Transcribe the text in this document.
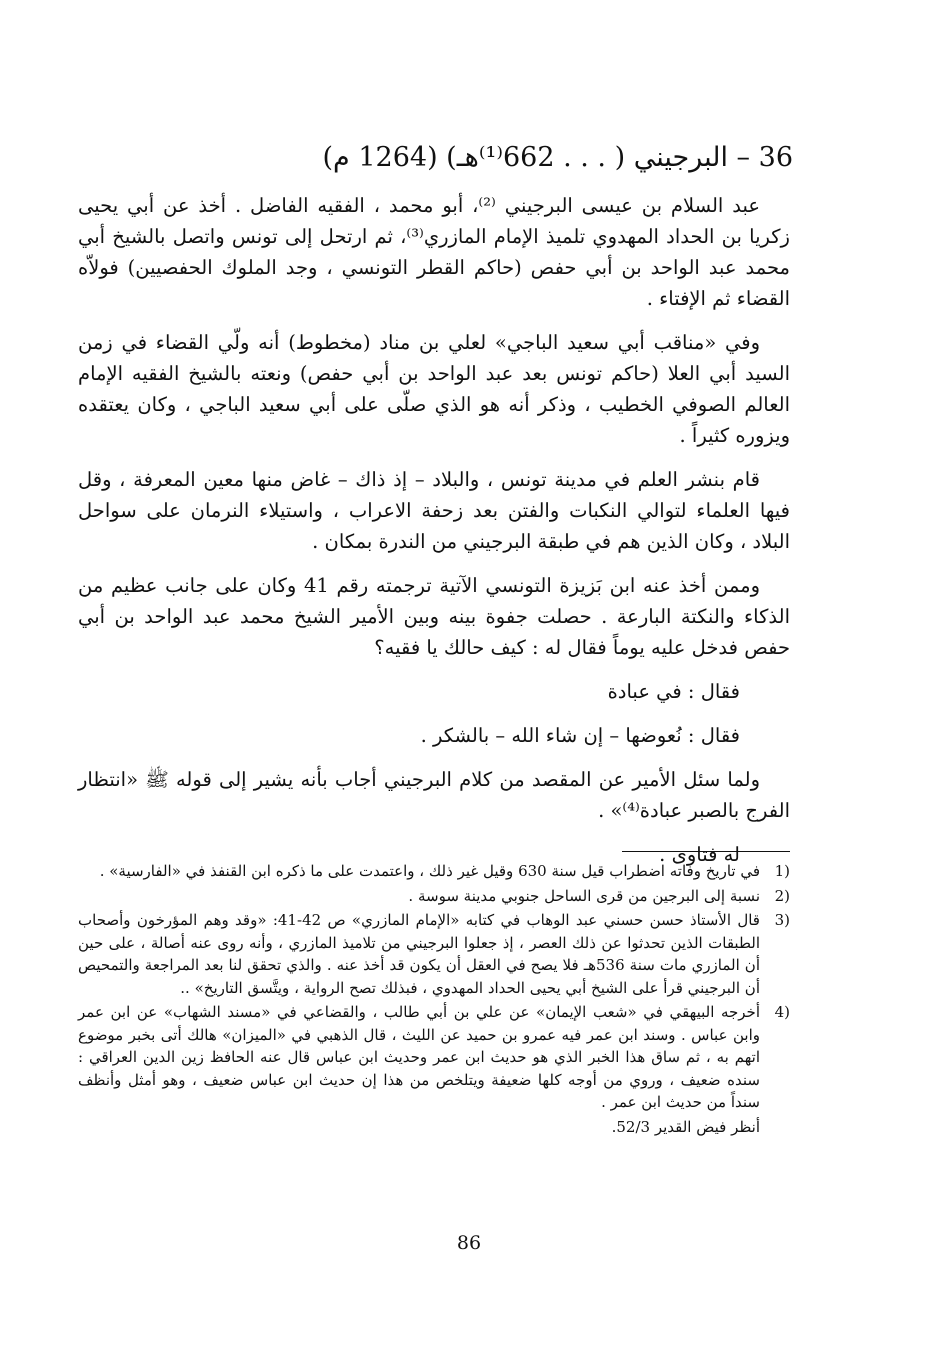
36 – البرجيني ( . . . 662⁽¹⁾هـ) (1264 م)

عبد السلام بن عيسى البرجيني ⁽²⁾، أبو محمد ، الفقيه الفاضل . أخذ عن أبي يحيى زكريا بن الحداد المهدوي تلميذ الإمام المازري⁽³⁾، ثم ارتحل إلى تونس واتصل بالشيخ أبي محمد عبد الواحد بن أبي حفص (حاكم القطر التونسي ، وجد الملوك الحفصيين) فولاّه القضاء ثم الإفتاء .

وفي «مناقب أبي سعيد الباجي» لعلي بن مناد (مخطوط) أنه ولّي القضاء في زمن السيد أبي العلا (حاكم تونس بعد عبد الواحد بن أبي حفص) ونعته بالشيخ الفقيه الإمام العالم الصوفي الخطيب ، وذكر أنه هو الذي صلّى على أبي سعيد الباجي ، وكان يعتقده ويزوره كثيراً .

قام بنشر العلم في مدينة تونس ، والبلاد – إذ ذاك – غاض منها معين المعرفة ، وقل فيها العلماء لتوالي النكبات والفتن بعد زحفة الاعراب ، واستيلاء النرمان على سواحل البلاد ، وكان الذين هم في طبقة البرجيني من الندرة بمكان .

وممن أخذ عنه ابن بَزيزة التونسي الآتية ترجمته رقم 41 وكان على جانب عظيم من الذكاء والنكتة البارعة . حصلت جفوة بينه وبين الأمير الشيخ محمد عبد الواحد بن أبي حفص فدخل عليه يوماً فقال له : كيف حالك يا فقيه؟

فقال : في عبادة

فقال : نُعوضها – إن شاء الله – بالشكر .

ولما سئل الأمير عن المقصد من كلام البرجيني أجاب بأنه يشير إلى قوله ﷺ «انتظار الفرج بالصبر عبادة⁽⁴⁾» .

له فتاوى .

1)
في تاريخ وفاته اضطراب قيل سنة 630 وقيل غير ذلك ، واعتمدت على ما ذكره ابن القنفذ في «الفارسية» .
2)
نسبة إلى البرجين من قرى الساحل جنوبي مدينة سوسة .
3)
قال الأستاذ حسن حسني عبد الوهاب في كتابه «الإمام المازري» ص 42-41: «وقد وهم المؤرخون وأصحاب الطبقات الذين تحدثوا عن ذلك العصر ، إذ جعلوا البرجيني من تلاميذ المازري ، وأنه روى عنه أصالة ، على حين أن المازري مات سنة 536هـ فلا يصح في العقل أن يكون قد أخذ عنه . والذي تحقق لنا بعد المراجعة والتمحيص أن البرجيني قرأ على الشيخ أبي يحيى الحداد المهدوي ، فبذلك تصح الرواية ، ويتَّسق التاريخ» ..
4)
أخرجه البيهقي في «شعب الإيمان» عن علي بن أبي طالب ، والقضاعي في «مسند الشهاب» عن ابن عمر وابن عباس . وسند ابن عمر فيه عمرو بن حميد عن الليث ، قال الذهبي في «الميزان» هالك أتى بخبر موضوع اتهم به ، ثم ساق هذا الخبر الذي هو حديث ابن عمر وحديث ابن عباس قال عنه الحافظ زين الدين العراقي : سنده ضعيف ، وروي من أوجه كلها ضعيفة ويتلخص من هذا إن حديث ابن عباس ضعيف ، وهو أمثل وأنظف سنداً من حديث ابن عمر .
أنظر فيض القدير 52/3.
86
